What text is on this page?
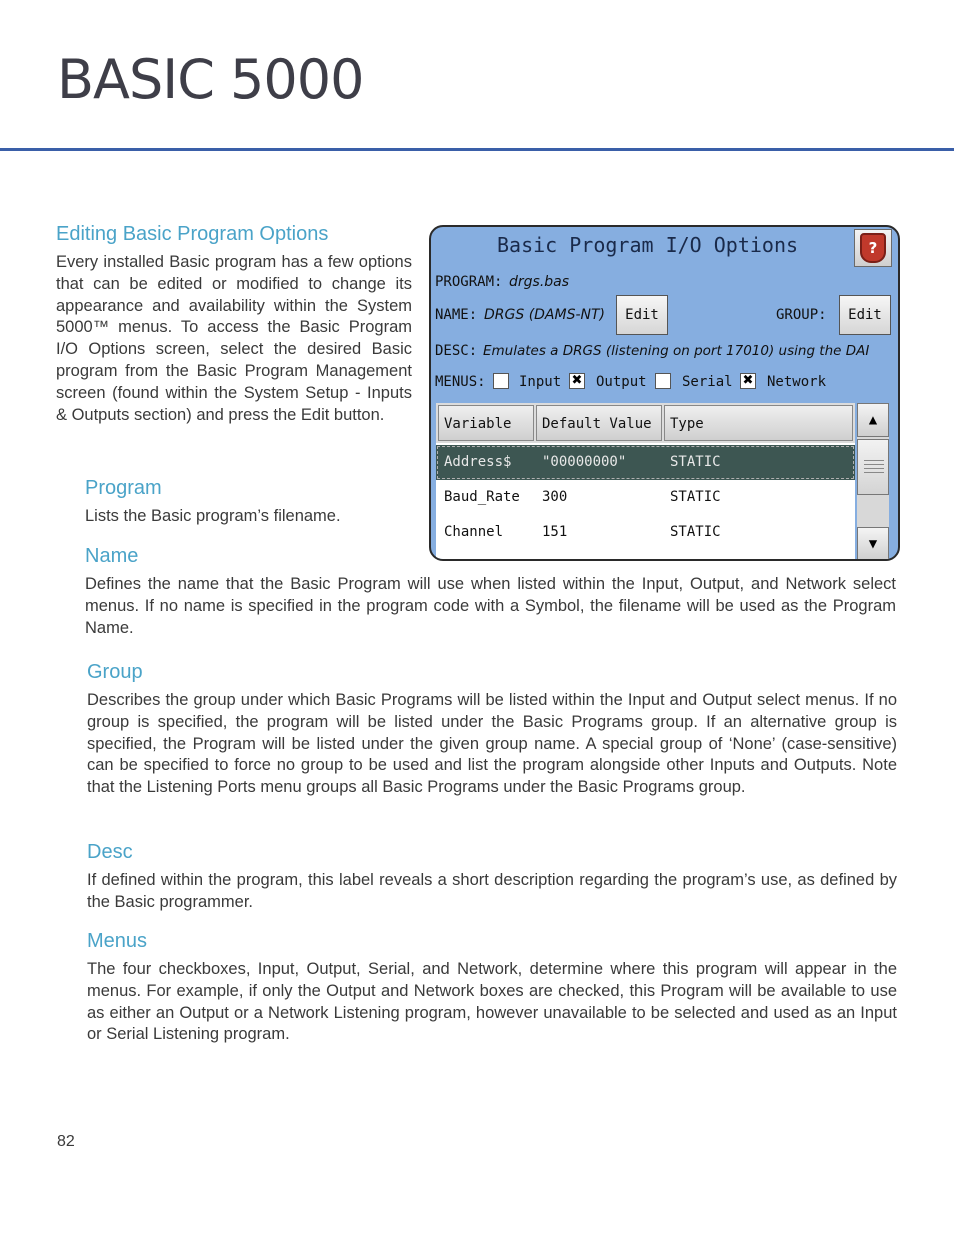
BASIC 5000
Editing Basic Program Options

Every installed Basic program has a few options that can be edited or modified to change its appearance and availability within the System 5000™ menus. To access the Basic Program I/O Options screen, select the desired Basic program from the Basic Program Management screen (found within the System Setup - Inputs & Outputs section) and press the Edit button.

Basic Program I/O Options	?
PROGRAM: drgs.bas
NAME: DRGS (DAMS-NT)	Edit	GROUP:	Edit
DESC: Emulates a DRGS (listening on port 17010) using the DAI
MENUS: Input ✖ Output	Serial ✖ Network
Variable	Default Value	Type
Address$ "00000000"	STATIC
Baud_Rate 300	STATIC
Channel	151	STATIC
▲
▼
Program

Lists the Basic program’s filename.

Name

Defines the name that the Basic Program will use when listed within the Input, Output, and Network select menus. If no name is specified in the program code with a Symbol, the filename will be used as the Program Name.

Group

Describes the group under which Basic Programs will be listed within the Input and Output select menus. If no group is specified, the program will be listed under the Basic Programs group. If an alternative group is specified, the Program will be listed under the given group name. A special group of ‘None’ (case-sensitive) can be specified to force no group to be used and list the program alongside other Inputs and Outputs. Note that the Listening Ports menu groups all Basic Programs under the Basic Programs group.

Desc

If defined within the program, this label reveals a short description regarding the program’s use, as defined by the Basic programmer.

Menus

The four checkboxes, Input, Output, Serial, and Network, determine where this program will appear in the menus. For example, if only the Output and Network boxes are checked, this Program will be available to use as either an Output or a Network Listening program, however unavailable to be selected and used as an Input or Serial Listening program.

82
